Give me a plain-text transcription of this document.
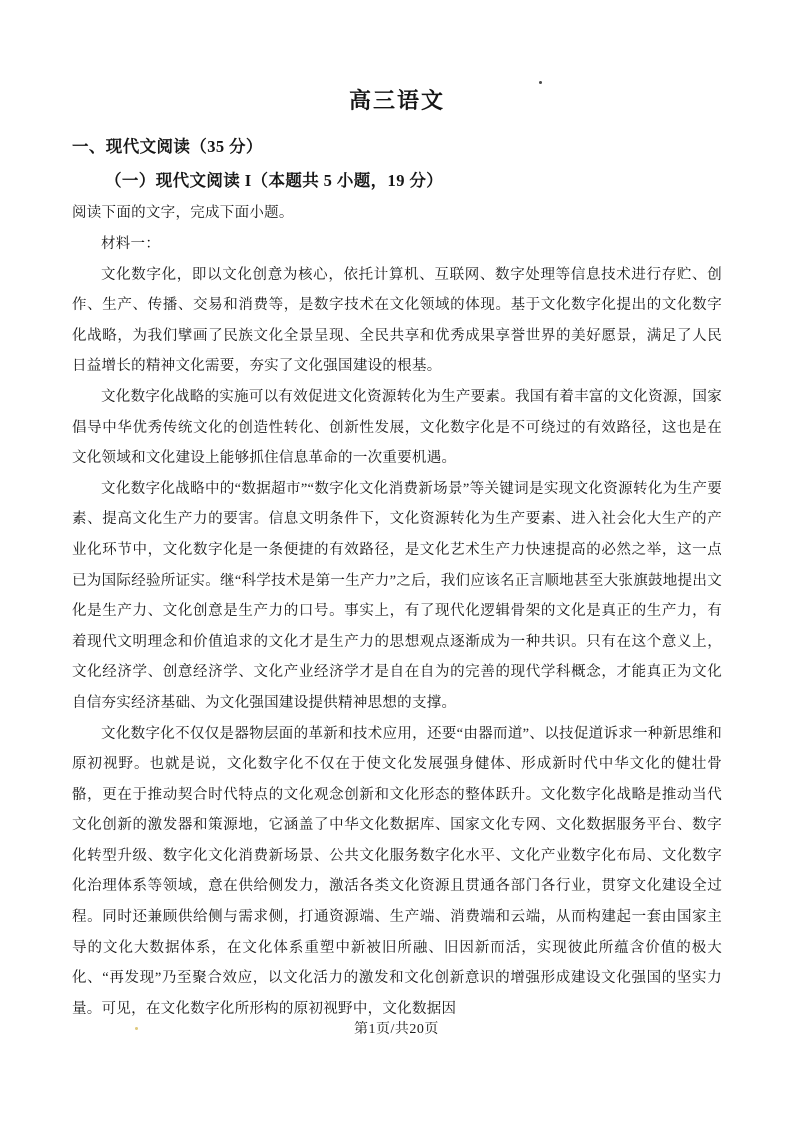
高三语文
一、现代文阅读（35 分）
（一）现代文阅读 I（本题共 5 小题，19 分）
阅读下面的文字，完成下面小题。

材料一：

文化数字化，即以文化创意为核心，依托计算机、互联网、数字处理等信息技术进行存贮、创作、生产、传播、交易和消费等，是数字技术在文化领域的体现。基于文化数字化提出的文化数字化战略，为我们擘画了民族文化全景呈现、全民共享和优秀成果享誉世界的美好愿景，满足了人民日益增长的精神文化需要，夯实了文化强国建设的根基。

文化数字化战略的实施可以有效促进文化资源转化为生产要素。我国有着丰富的文化资源，国家倡导中华优秀传统文化的创造性转化、创新性发展，文化数字化是不可绕过的有效路径，这也是在文化领域和文化建设上能够抓住信息革命的一次重要机遇。

文化数字化战略中的“数据超市”“数字化文化消费新场景”等关键词是实现文化资源转化为生产要素、提高文化生产力的要害。信息文明条件下，文化资源转化为生产要素、进入社会化大生产的产业化环节中，文化数字化是一条便捷的有效路径，是文化艺术生产力快速提高的必然之举，这一点已为国际经验所证实。继“科学技术是第一生产力”之后，我们应该名正言顺地甚至大张旗鼓地提出文化是生产力、文化创意是生产力的口号。事实上，有了现代化逻辑骨架的文化是真正的生产力，有着现代文明理念和价值追求的文化才是生产力的思想观点逐渐成为一种共识。只有在这个意义上，文化经济学、创意经济学、文化产业经济学才是自在自为的完善的现代学科概念，才能真正为文化自信夯实经济基础、为文化强国建设提供精神思想的支撑。

文化数字化不仅仅是器物层面的革新和技术应用，还要“由器而道”、以技促道诉求一种新思维和原初视野。也就是说，文化数字化不仅在于使文化发展强身健体、形成新时代中华文化的健壮骨骼，更在于推动契合时代特点的文化观念创新和文化形态的整体跃升。文化数字化战略是推动当代文化创新的激发器和策源地，它涵盖了中华文化数据库、国家文化专网、文化数据服务平台、数字化转型升级、数字化文化消费新场景、公共文化服务数字化水平、文化产业数字化布局、文化数字化治理体系等领域，意在供给侧发力，激活各类文化资源且贯通各部门各行业，贯穿文化建设全过程。同时还兼顾供给侧与需求侧，打通资源端、生产端、消费端和云端，从而构建起一套由国家主导的文化大数据体系，在文化体系重塑中新被旧所融、旧因新而活，实现彼此所蕴含价值的极大化、“再发现”乃至聚合效应，以文化活力的激发和文化创新意识的增强形成建设文化强国的坚实力量。可见，在文化数字化所形构的原初视野中，文化数据因

第1页/共20页
